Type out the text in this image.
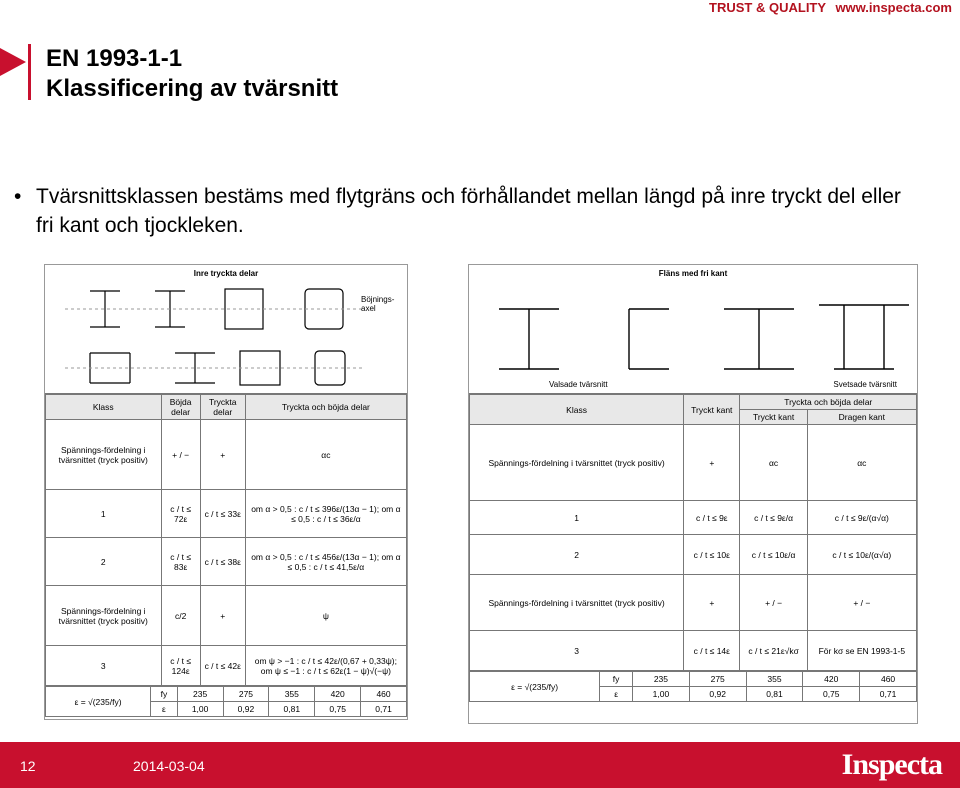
TRUST & QUALITY www.inspecta.com
EN 1993-1-1
Klassificering av tvärsnitt
• Tvärsnittsklassen bestäms med flytgräns och förhållandet mellan längd på inre tryckt del eller fri kant och tjockleken.
Inre tryckta delar
Böjnings-axel
Klass	Böjda delar	Tryckta delar	Tryckta och böjda delar
Spännings-fördelning i tvärsnittet (tryck positiv)	+ / −	+	αc
1	c / t ≤ 72ε	c / t ≤ 33ε	om α > 0,5 : c / t ≤ 396ε/(13α − 1); om α ≤ 0,5 : c / t ≤ 36ε/α
2	c / t ≤ 83ε	c / t ≤ 38ε	om α > 0,5 : c / t ≤ 456ε/(13α − 1); om α ≤ 0,5 : c / t ≤ 41,5ε/α
Spännings-fördelning i tvärsnittet (tryck positiv)	c/2	+	ψ
3	c / t ≤ 124ε	c / t ≤ 42ε	om ψ > −1 : c / t ≤ 42ε/(0,67 + 0,33ψ); om ψ ≤ −1 : c / t ≤ 62ε(1 − ψ)√(−ψ)
ε = √(235/fy)	fy	235	275	355	420	460
	ε	1,00	0,92	0,81	0,75	0,71
Fläns med fri kant
Valsade tvärsnitt	Svetsade tvärsnitt
Klass	Tryckt kant	Tryckta och böjda delar	
		Tryckt kant	Dragen kant
Spännings-fördelning i tvärsnittet (tryck positiv)	+	αc	αc
1	c / t ≤ 9ε	c / t ≤ 9ε/α	c / t ≤ 9ε/(α√α)
2	c / t ≤ 10ε	c / t ≤ 10ε/α	c / t ≤ 10ε/(α√α)
Spännings-fördelning i tvärsnittet (tryck positiv)	+	+ / −	+ / −
3	c / t ≤ 14ε	c / t ≤ 21ε√kσ	För kσ se EN 1993-1-5
ε = √(235/fy)	fy	235	275	355	420	460
	ε	1,00	0,92	0,81	0,75	0,71
12	2014-03-04	Inspecta
